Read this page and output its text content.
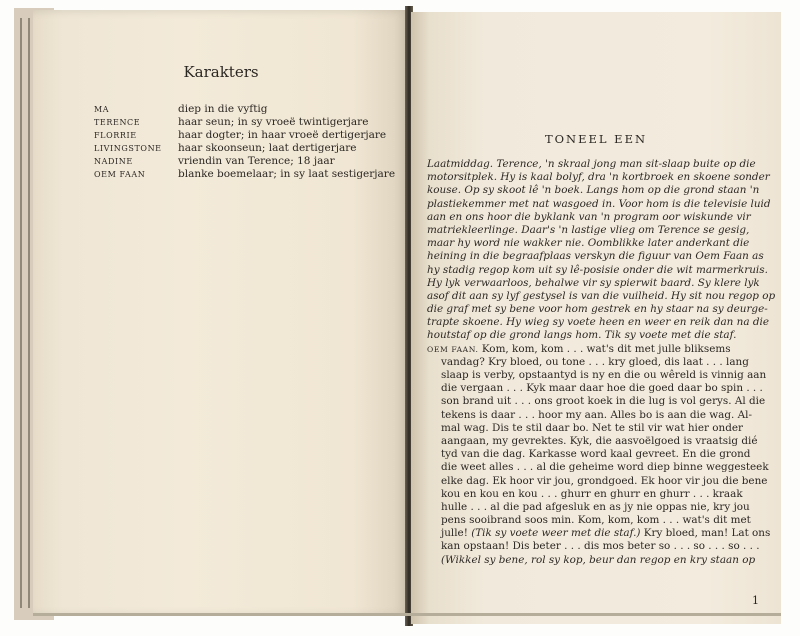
Karakters
MA	diep in die vyftig
TERENCE	haar seun; in sy vroeë twintigerjare
FLORRIE	haar dogter; in haar vroeë dertigerjare
LIVINGSTONE haar skoonseun; laat dertigerjare
NADINE	vriendin van Terence; 18 jaar
OEM FAAN	blanke boemelaar; in sy laat sestigerjare
TONEEL EEN
Laatmiddag. Terence, 'n skraal jong man sit-slaap buite op die
motorsitplek. Hy is kaal bolyf, dra 'n kortbroek en skoene sonder
kouse. Op sy skoot lê 'n boek. Langs hom op die grond staan 'n
plastiekemmer met nat wasgoed in. Voor hom is die televisie luid
aan en ons hoor die byklank van 'n program oor wiskunde vir
matriekleerlinge. Daar's 'n lastige vlieg om Terence se gesig,
maar hy word nie wakker nie. Oomblikke later anderkant die
heining in die begraafplaas verskyn die figuur van Oem Faan as
hy stadig regop kom uit sy lê-posisie onder die wit marmerkruis.
Hy lyk verwaarloos, behalwe vir sy spierwit baard. Sy klere lyk
asof dit aan sy lyf gestysel is van die vuilheid. Hy sit nou regop op
die graf met sy bene voor hom gestrek en hy staar na sy deurge-
trapte skoene. Hy wieg sy voete heen en weer en reik dan na die
houtstaf op die grond langs hom. Tik sy voete met die staf.
OEM FAAN. Kom, kom, kom . . . wat's dit met julle bliksems
vandag? Kry bloed, ou tone . . . kry gloed, dis laat . . . lang
slaap is verby, opstaantyd is ny en die ou wêreld is vinnig aan
die vergaan . . . Kyk maar daar hoe die goed daar bo spin . . .
son brand uit . . . ons groot koek in die lug is vol gerys. Al die
tekens is daar . . . hoor my aan. Alles bo is aan die wag. Al-
mal wag. Dis te stil daar bo. Net te stil vir wat hier onder
aangaan, my gevrektes. Kyk, die aasvoëlgoed is vraatsig dié
tyd van die dag. Karkasse word kaal gevreet. En die grond
die weet alles . . . al die geheime word diep binne weggesteek
elke dag. Ek hoor vir jou, grondgoed. Ek hoor vir jou die bene
kou en kou en kou . . . ghurr en ghurr en ghurr . . . kraak
hulle . . . al die pad afgesluk en as jy nie oppas nie, kry jou
pens sooibrand soos min. Kom, kom, kom . . . wat's dit met
julle! (Tik sy voete weer met die staf.) Kry bloed, man! Lat ons
kan opstaan! Dis beter . . . dis mos beter so . . . so . . . so . . .
(Wikkel sy bene, rol sy kop, beur dan regop en kry staan op
1
